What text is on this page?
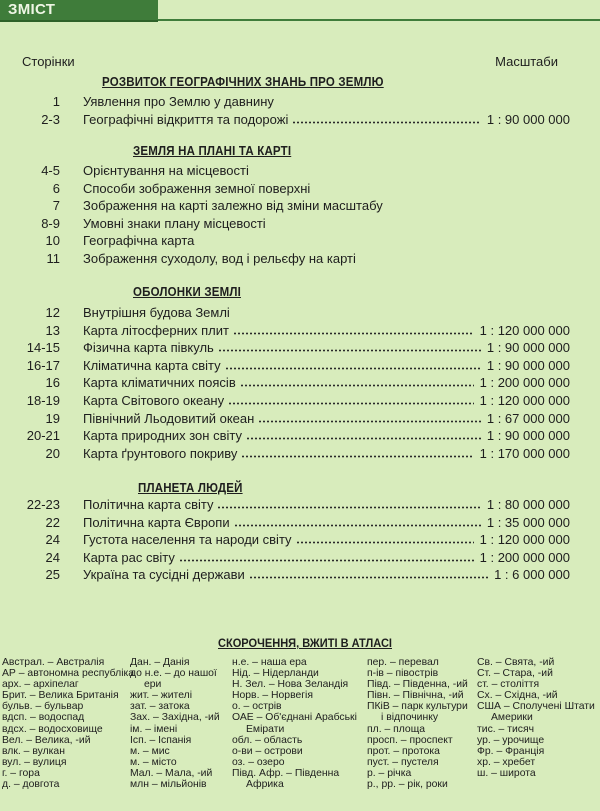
ЗМІСТ
Сторінки	Масштаби
РОЗВИТОК ГЕОГРАФІЧНИХ ЗНАНЬ ПРО ЗЕМЛЮ
1 Уявлення про Землю у давнину
2-3 Географічні відкриття та подорожі	1 : 90 000 000
ЗЕМЛЯ НА ПЛАНІ ТА КАРТІ
4-5 Орієнтування на місцевості
6 Способи зображення земної поверхні
7 Зображення на карті залежно від зміни масштабу
8-9 Умовні знаки плану місцевості
10 Географічна карта
11 Зображення суходолу, вод і рельєфу на карті
ОБОЛОНКИ ЗЕМЛІ
12 Внутрішня будова Землі
13 Карта літосферних плит	1 : 120 000 000
14-15 Фізична карта півкуль	1 : 90 000 000
16-17 Кліматична карта світу	1 : 90 000 000
16 Карта кліматичних поясів	1 : 200 000 000
18-19 Карта Світового океану	1 : 120 000 000
19 Північний Льодовитий океан	1 : 67 000 000
20-21 Карта природних зон світу	1 : 90 000 000
20 Карта ґрунтового покриву	1 : 170 000 000
ПЛАНЕТА ЛЮДЕЙ
22-23 Політична карта світу	1 : 80 000 000
22 Політична карта Європи	1 : 35 000 000
24 Густота населення та народи світу	1 : 120 000 000
24 Карта рас світу	1 : 200 000 000
25 Україна та сусідні держави	1 : 6 000 000
СКОРОЧЕННЯ, ВЖИТІ В АТЛАСІ
Австрал. – Австралія
АР – автономна республіка
арх. – архіпелаг
Брит. – Велика Британія
бульв. – бульвар
вдсп. – водоспад
вдсх. – водосховище
Вел. – Велика, -ий
влк. – вулкан
вул. – вулиця
г. – гора
д. – довгота
Дан. – Данія
до н.е. – до нашої
ери
жит. – жителі
зат. – затока
Зах. – Західна, -ий
ім. – імені
Ісп. – Іспанія
м. – мис
м. – місто
Мал. – Мала, -ий
млн – мільйонів
н.е. – наша ера
Нід. – Нідерланди
Н. Зел. – Нова Зеландія
Норв. – Норвегія
о. – острів
ОАЕ – Об'єднані Арабські
Емірати
обл. – область
о-ви – острови
оз. – озеро
Півд. Афр. – Південна
Африка
пер. – перевал
п-ів – півострів
Півд. – Південна, -ий
Півн. – Північна, -ий
ПКіВ – парк культури
і відпочинку
пл. – площа
просп. – проспект
прот. – протока
пуст. – пустеля
р. – річка
р., рр. – рік, роки
Св. – Свята, -ий
Ст. – Стара, -ий
ст. – століття
Сх. – Східна, -ий
США – Сполучені Штати
Америки
тис. – тисяч
ур. – урочище
Фр. – Франція
хр. – хребет
ш. – широта
